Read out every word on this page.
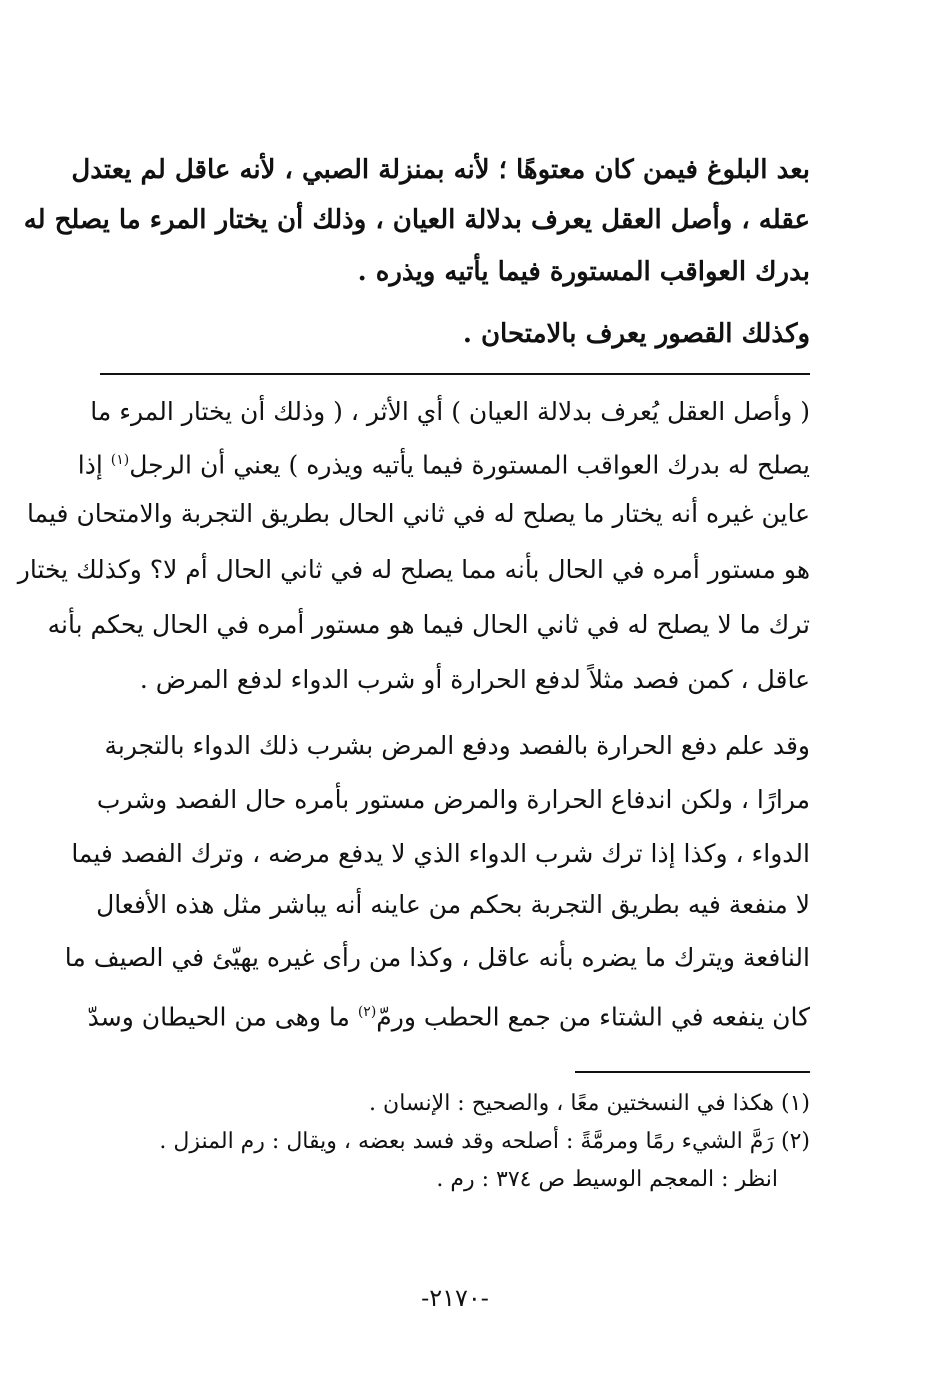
بعد البلوغ فيمن كان معتوهًا ؛ لأنه بمنزلة الصبي ، لأنه عاقل لم يعتدل
عقله ، وأصل العقل يعرف بدلالة العيان ، وذلك أن يختار المرء ما يصلح له
بدرك العواقب المستورة فيما يأتيه ويذره .
وكذلك القصور يعرف بالامتحان .
( وأصل العقل يُعرف بدلالة العيان ) أي الأثر ، ( وذلك أن يختار المرء ما
يصلح له بدرك العواقب المستورة فيما يأتيه ويذره ) يعني أن الرجل$^{(١)}$ إذا
عاين غيره أنه يختار ما يصلح له في ثاني الحال بطريق التجربة والامتحان فيما
هو مستور أمره في الحال بأنه مما يصلح له في ثاني الحال أم لا؟ وكذلك يختار
ترك ما لا يصلح له في ثاني الحال فيما هو مستور أمره في الحال يحكم بأنه
عاقل ، كمن فصد مثلاً لدفع الحرارة أو شرب الدواء لدفع المرض .
وقد علم دفع الحرارة بالفصد ودفع المرض بشرب ذلك الدواء بالتجربة
مرارًا ، ولكن اندفاع الحرارة والمرض مستور بأمره حال الفصد وشرب
الدواء ، وكذا إذا ترك شرب الدواء الذي لا يدفع مرضه ، وترك الفصد فيما
لا منفعة فيه بطريق التجربة بحكم من عاينه أنه يباشر مثل هذه الأفعال
النافعة ويترك ما يضره بأنه عاقل ، وكذا من رأى غيره يهيّئ في الصيف ما
كان ينفعه في الشتاء من جمع الحطب ورمّ$^{(٢)}$ ما وهى من الحيطان وسدّ
(١) هكذا في النسختين معًا ، والصحيح : الإنسان .
(٢) رَمَّ الشيء رمًا ومرمَّةً : أصلحه وقد فسد بعضه ، ويقال : رم المنزل .
انظر : المعجم الوسيط ص ٣٧٤ : رم .
-٢١٧٠-
